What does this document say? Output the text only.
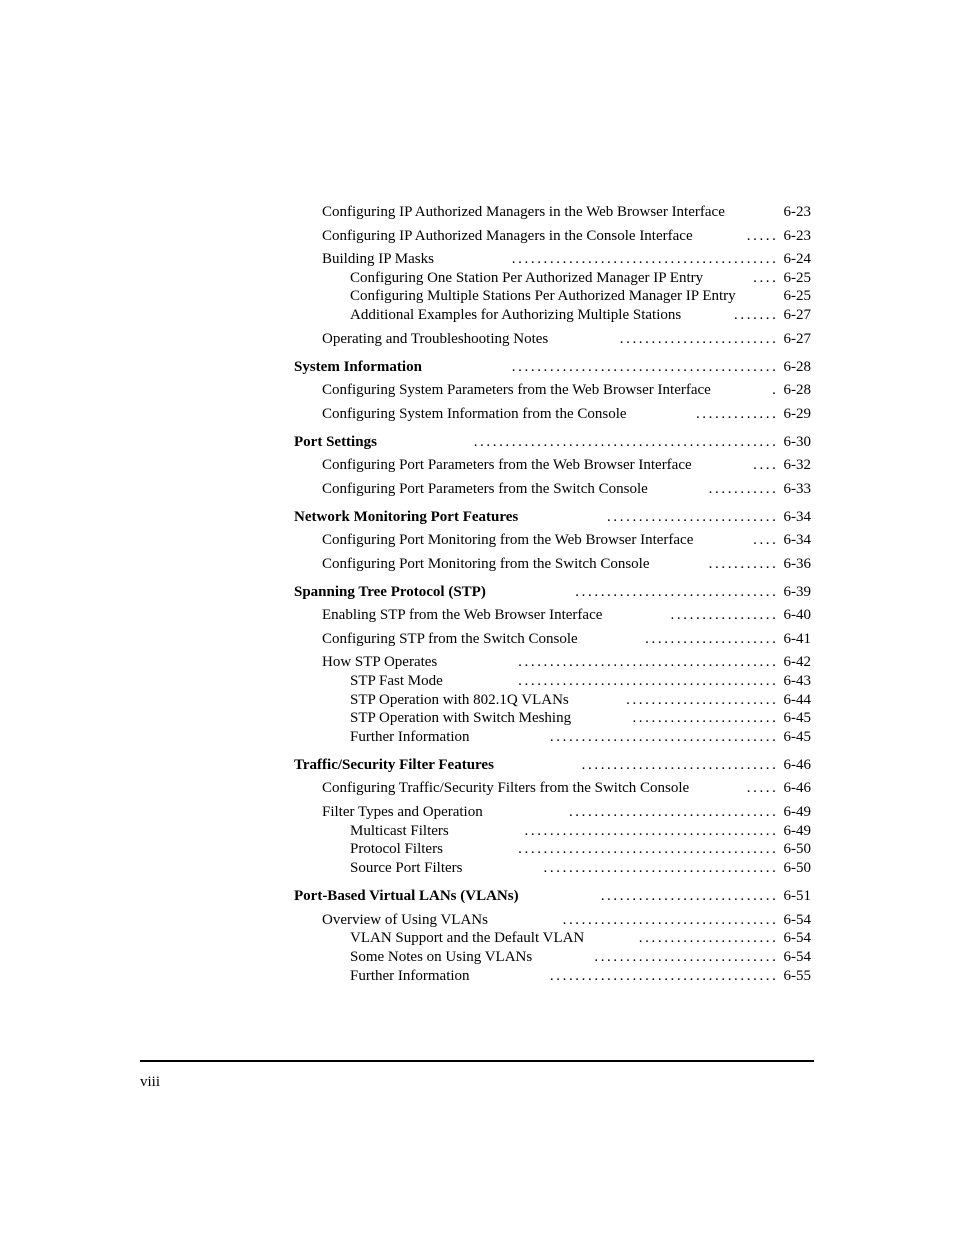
Configuring IP Authorized Managers in the Web Browser Interface	6-23
Configuring IP Authorized Managers in the Console Interface	..... 6-23
Building IP Masks	.......................................... 6-24
Configuring One Station Per Authorized Manager IP Entry	.... 6-25
Configuring Multiple Stations Per Authorized Manager IP Entry	6-25
Additional Examples for Authorizing Multiple Stations	....... 6-27
Operating and Troubleshooting Notes	......................... 6-27
System Information	.......................................... 6-28
Configuring System Parameters from the Web Browser Interface	. 6-28
Configuring System Information from the Console	............. 6-29
Port Settings	................................................ 6-30
Configuring Port Parameters from the Web Browser Interface	.... 6-32
Configuring Port Parameters from the Switch Console	........... 6-33
Network Monitoring Port Features	........................... 6-34
Configuring Port Monitoring from the Web Browser Interface	.... 6-34
Configuring Port Monitoring from the Switch Console	........... 6-36
Spanning Tree Protocol (STP)	................................ 6-39
Enabling STP from the Web Browser Interface	................. 6-40
Configuring STP from the Switch Console	..................... 6-41
How STP Operates	......................................... 6-42
STP Fast Mode	......................................... 6-43
STP Operation with 802.1Q VLANs	........................ 6-44
STP Operation with Switch Meshing	....................... 6-45
Further Information	.................................... 6-45
Traffic/Security Filter Features	............................... 6-46
Configuring Traffic/Security Filters from the Switch Console	..... 6-46
Filter Types and Operation	................................. 6-49
Multicast Filters	........................................ 6-49
Protocol Filters	......................................... 6-50
Source Port Filters	..................................... 6-50
Port-Based Virtual LANs (VLANs)	............................ 6-51
Overview of Using VLANs	.................................. 6-54
VLAN Support and the Default VLAN	...................... 6-54
Some Notes on Using VLANs	............................. 6-54
Further Information	.................................... 6-55
viii
